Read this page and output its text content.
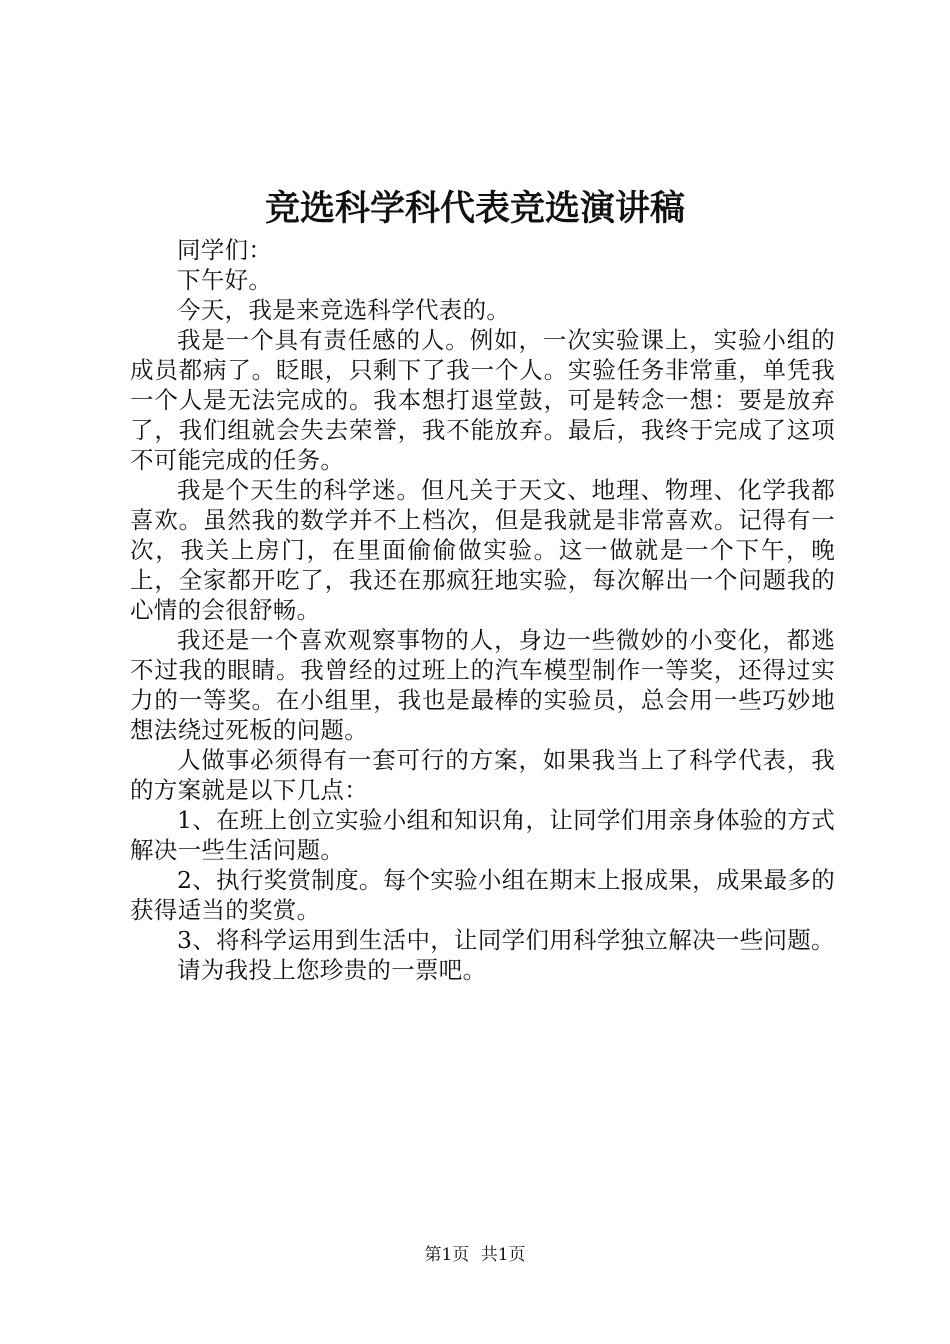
竞选科学科代表竞选演讲稿

同学们：

下午好。

今天，我是来竞选科学代表的。

我是一个具有责任感的人。例如，一次实验课上，实验小组的成员都病了。眨眼，只剩下了我一个人。实验任务非常重，单凭我一个人是无法完成的。我本想打退堂鼓，可是转念一想：要是放弃了，我们组就会失去荣誉，我不能放弃。最后，我终于完成了这项不可能完成的任务。

我是个天生的科学迷。但凡关于天文、地理、物理、化学我都喜欢。虽然我的数学并不上档次，但是我就是非常喜欢。记得有一次，我关上房门，在里面偷偷做实验。这一做就是一个下午，晚上，全家都开吃了，我还在那疯狂地实验，每次解出一个问题我的心情的会很舒畅。

我还是一个喜欢观察事物的人，身边一些微妙的小变化，都逃不过我的眼睛。我曾经的过班上的汽车模型制作一等奖，还得过实力的一等奖。在小组里，我也是最棒的实验员，总会用一些巧妙地想法绕过死板的问题。

人做事必须得有一套可行的方案，如果我当上了科学代表，我的方案就是以下几点：

1、在班上创立实验小组和知识角，让同学们用亲身体验的方式解决一些生活问题。

2、执行奖赏制度。每个实验小组在期末上报成果，成果最多的获得适当的奖赏。

3、将科学运用到生活中，让同学们用科学独立解决一些问题。

请为我投上您珍贵的一票吧。

第1页 共1页
